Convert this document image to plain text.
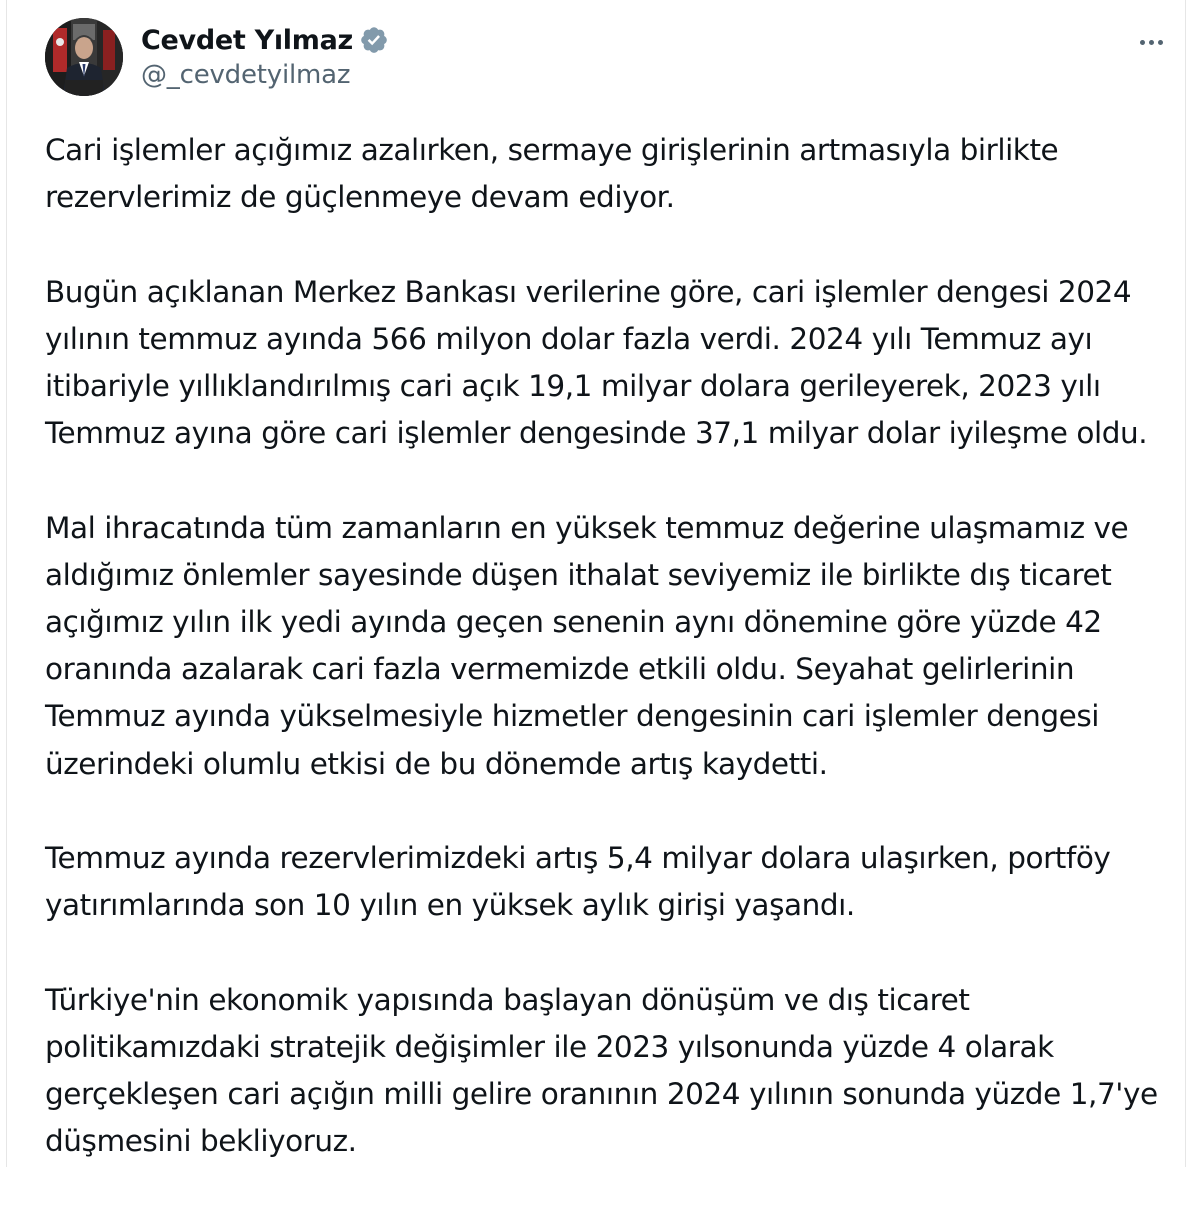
Cevdet Yılmaz
@_cevdetyilmaz

Cari işlemler açığımız azalırken, sermaye girişlerinin artmasıyla birlikte
rezervlerimiz de güçlenmeye devam ediyor.

Bugün açıklanan Merkez Bankası verilerine göre, cari işlemler dengesi 2024
yılının temmuz ayında 566 milyon dolar fazla verdi. 2024 yılı Temmuz ayı
itibariyle yıllıklandırılmış cari açık 19,1 milyar dolara gerileyerek, 2023 yılı
Temmuz ayına göre cari işlemler dengesinde 37,1 milyar dolar iyileşme oldu.

Mal ihracatında tüm zamanların en yüksek temmuz değerine ulaşmamız ve
aldığımız önlemler sayesinde düşen ithalat seviyemiz ile birlikte dış ticaret
açığımız yılın ilk yedi ayında geçen senenin aynı dönemine göre yüzde 42
oranında azalarak cari fazla vermemizde etkili oldu. Seyahat gelirlerinin
Temmuz ayında yükselmesiyle hizmetler dengesinin cari işlemler dengesi
üzerindeki olumlu etkisi de bu dönemde artış kaydetti.

Temmuz ayında rezervlerimizdeki artış 5,4 milyar dolara ulaşırken, portföy
yatırımlarında son 10 yılın en yüksek aylık girişi yaşandı.

Türkiye'nin ekonomik yapısında başlayan dönüşüm ve dış ticaret
politikamızdaki stratejik değişimler ile 2023 yılsonunda yüzde 4 olarak
gerçekleşen cari açığın milli gelire oranının 2024 yılının sonunda yüzde 1,7'ye
düşmesini bekliyoruz.
